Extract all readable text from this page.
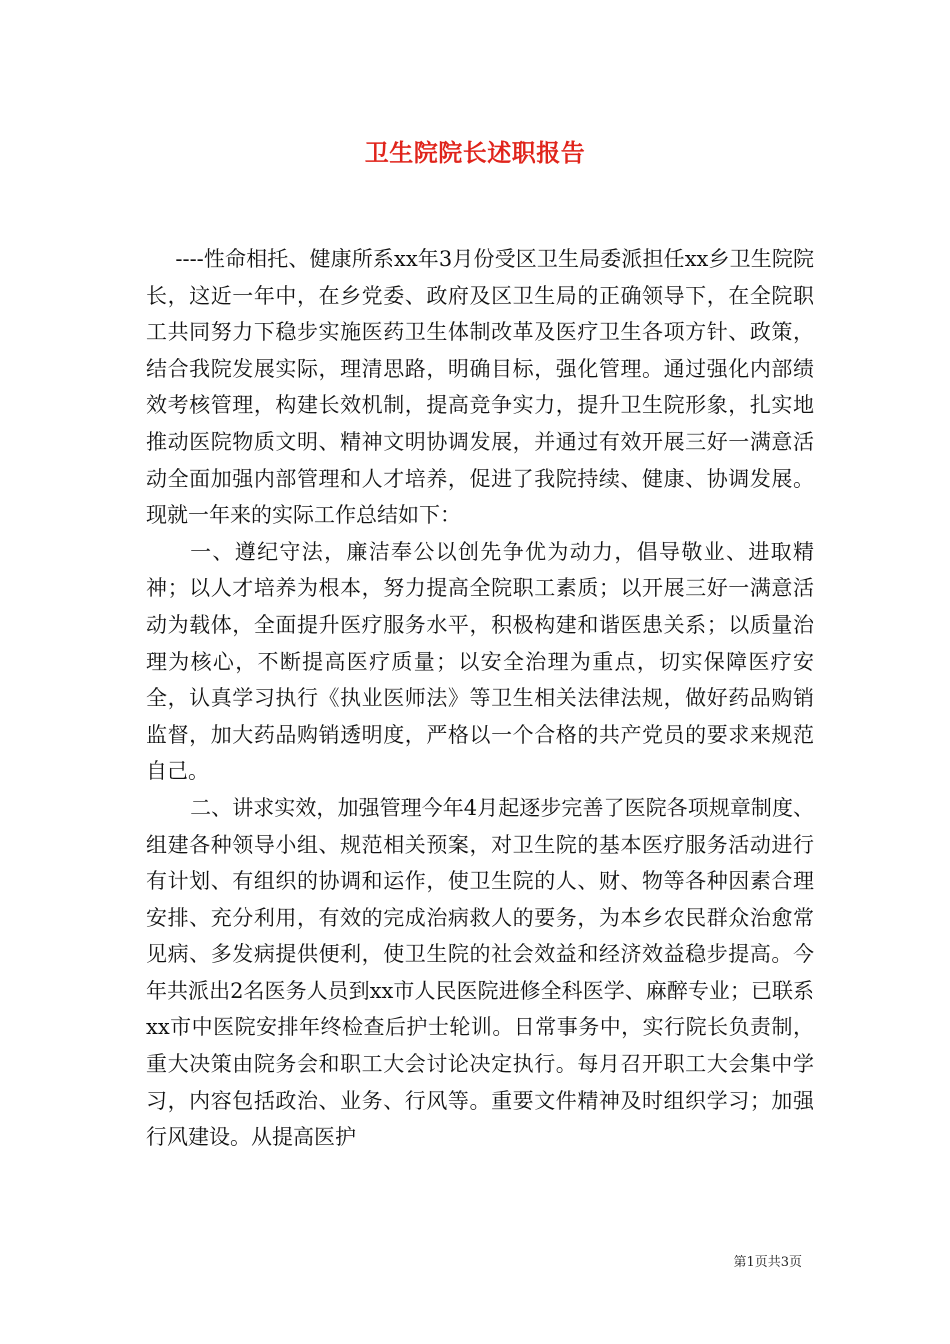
卫生院院长述职报告

----性命相托、健康所系xx年3月份受区卫生局委派担任xx乡卫生院院长，这近一年中，在乡党委、政府及区卫生局的正确领导下，在全院职工共同努力下稳步实施医药卫生体制改革及医疗卫生各项方针、政策，结合我院发展实际，理清思路，明确目标，强化管理。通过强化内部绩效考核管理，构建长效机制，提高竞争实力，提升卫生院形象，扎实地推动医院物质文明、精神文明协调发展，并通过有效开展三好一满意活动全面加强内部管理和人才培养，促进了我院持续、健康、协调发展。现就一年来的实际工作总结如下：

一、遵纪守法，廉洁奉公以创先争优为动力，倡导敬业、进取精神；以人才培养为根本，努力提高全院职工素质；以开展三好一满意活动为载体，全面提升医疗服务水平，积极构建和谐医患关系；以质量治理为核心，不断提高医疗质量；以安全治理为重点，切实保障医疗安全，认真学习执行《执业医师法》等卫生相关法律法规，做好药品购销监督，加大药品购销透明度，严格以一个合格的共产党员的要求来规范自己。

二、讲求实效，加强管理今年4月起逐步完善了医院各项规章制度、组建各种领导小组、规范相关预案，对卫生院的基本医疗服务活动进行有计划、有组织的协调和运作，使卫生院的人、财、物等各种因素合理安排、充分利用，有效的完成治病救人的要务，为本乡农民群众治愈常见病、多发病提供便利，使卫生院的社会效益和经济效益稳步提高。今年共派出2名医务人员到xx市人民医院进修全科医学、麻醉专业；已联系xx市中医院安排年终检查后护士轮训。日常事务中，实行院长负责制，重大决策由院务会和职工大会讨论决定执行。每月召开职工大会集中学习，内容包括政治、业务、行风等。重要文件精神及时组织学习；加强行风建设。从提高医护

第1页共3页
